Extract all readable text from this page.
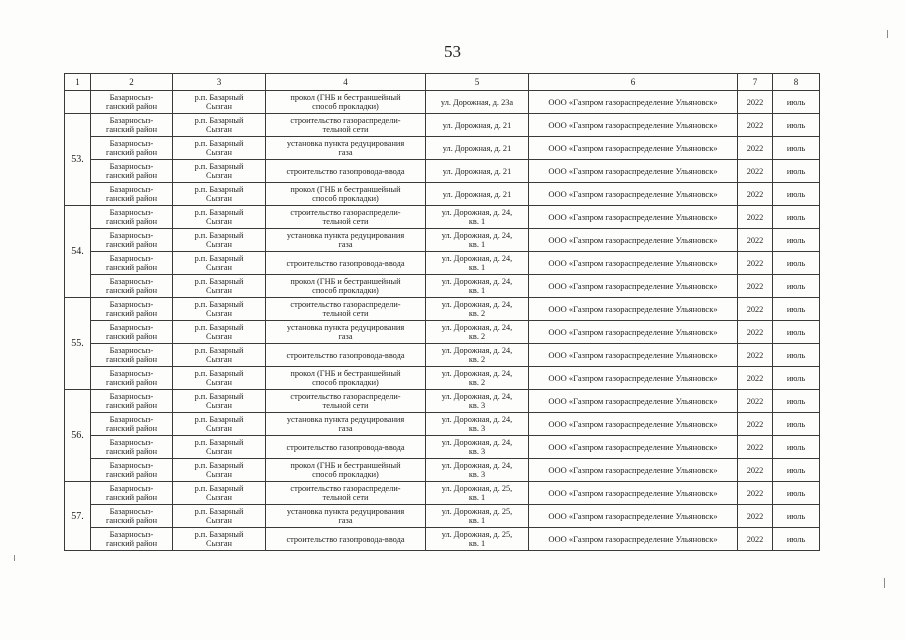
53
1	2	3	4	5	6	7	8
	Базарносыз-
ганский район	р.п. Базарный
Сызган	прокол (ГНБ и бестраншейный
способ прокладки)	ул. Дорожная, д. 23а	ООО «Газпром газораспределение Ульяновск»	2022	июль
53.	Базарносыз-
ганский район	р.п. Базарный
Сызган	строительство газораспредели-
тельной сети	ул. Дорожная, д. 21	ООО «Газпром газораспределение Ульяновск»	2022	июль
	Базарносыз-
ганский район	р.п. Базарный
Сызган	установка пункта редуцирования
газа	ул. Дорожная, д. 21	ООО «Газпром газораспределение Ульяновск»	2022	июль
	Базарносыз-
ганский район	р.п. Базарный
Сызган	строительство газопровода-ввода	ул. Дорожная, д. 21	ООО «Газпром газораспределение Ульяновск»	2022	июль
	Базарносыз-
ганский район	р.п. Базарный
Сызган	прокол (ГНБ и бестраншейный
способ прокладки)	ул. Дорожная, д. 21	ООО «Газпром газораспределение Ульяновск»	2022	июль
54.	Базарносыз-
ганский район	р.п. Базарный
Сызган	строительство газораспредели-
тельной сети	ул. Дорожная, д. 24,
кв. 1	ООО «Газпром газораспределение Ульяновск»	2022	июль
	Базарносыз-
ганский район	р.п. Базарный
Сызган	установка пункта редуцирования
газа	ул. Дорожная, д. 24,
кв. 1	ООО «Газпром газораспределение Ульяновск»	2022	июль
	Базарносыз-
ганский район	р.п. Базарный
Сызган	строительство газопровода-ввода	ул. Дорожная, д. 24,
кв. 1	ООО «Газпром газораспределение Ульяновск»	2022	июль
	Базарносыз-
ганский район	р.п. Базарный
Сызган	прокол (ГНБ и бестраншейный
способ прокладки)	ул. Дорожная, д. 24,
кв. 1	ООО «Газпром газораспределение Ульяновск»	2022	июль
55.	Базарносыз-
ганский район	р.п. Базарный
Сызган	строительство газораспредели-
тельной сети	ул. Дорожная, д. 24,
кв. 2	ООО «Газпром газораспределение Ульяновск»	2022	июль
	Базарносыз-
ганский район	р.п. Базарный
Сызган	установка пункта редуцирования
газа	ул. Дорожная, д. 24,
кв. 2	ООО «Газпром газораспределение Ульяновск»	2022	июль
	Базарносыз-
ганский район	р.п. Базарный
Сызган	строительство газопровода-ввода	ул. Дорожная, д. 24,
кв. 2	ООО «Газпром газораспределение Ульяновск»	2022	июль
	Базарносыз-
ганский район	р.п. Базарный
Сызган	прокол (ГНБ и бестраншейный
способ прокладки)	ул. Дорожная, д. 24,
кв. 2	ООО «Газпром газораспределение Ульяновск»	2022	июль
56.	Базарносыз-
ганский район	р.п. Базарный
Сызган	строительство газораспредели-
тельной сети	ул. Дорожная, д. 24,
кв. 3	ООО «Газпром газораспределение Ульяновск»	2022	июль
	Базарносыз-
ганский район	р.п. Базарный
Сызган	установка пункта редуцирования
газа	ул. Дорожная, д. 24,
кв. 3	ООО «Газпром газораспределение Ульяновск»	2022	июль
	Базарносыз-
ганский район	р.п. Базарный
Сызган	строительство газопровода-ввода	ул. Дорожная, д. 24,
кв. 3	ООО «Газпром газораспределение Ульяновск»	2022	июль
	Базарносыз-
ганский район	р.п. Базарный
Сызган	прокол (ГНБ и бестраншейный
способ прокладки)	ул. Дорожная, д. 24,
кв. 3	ООО «Газпром газораспределение Ульяновск»	2022	июль
57.	Базарносыз-
ганский район	р.п. Базарный
Сызган	строительство газораспредели-
тельной сети	ул. Дорожная, д. 25,
кв. 1	ООО «Газпром газораспределение Ульяновск»	2022	июль
	Базарносыз-
ганский район	р.п. Базарный
Сызган	установка пункта редуцирования
газа	ул. Дорожная, д. 25,
кв. 1	ООО «Газпром газораспределение Ульяновск»	2022	июль
	Базарносыз-
ганский район	р.п. Базарный
Сызган	строительство газопровода-ввода	ул. Дорожная, д. 25,
кв. 1	ООО «Газпром газораспределение Ульяновск»	2022	июль
